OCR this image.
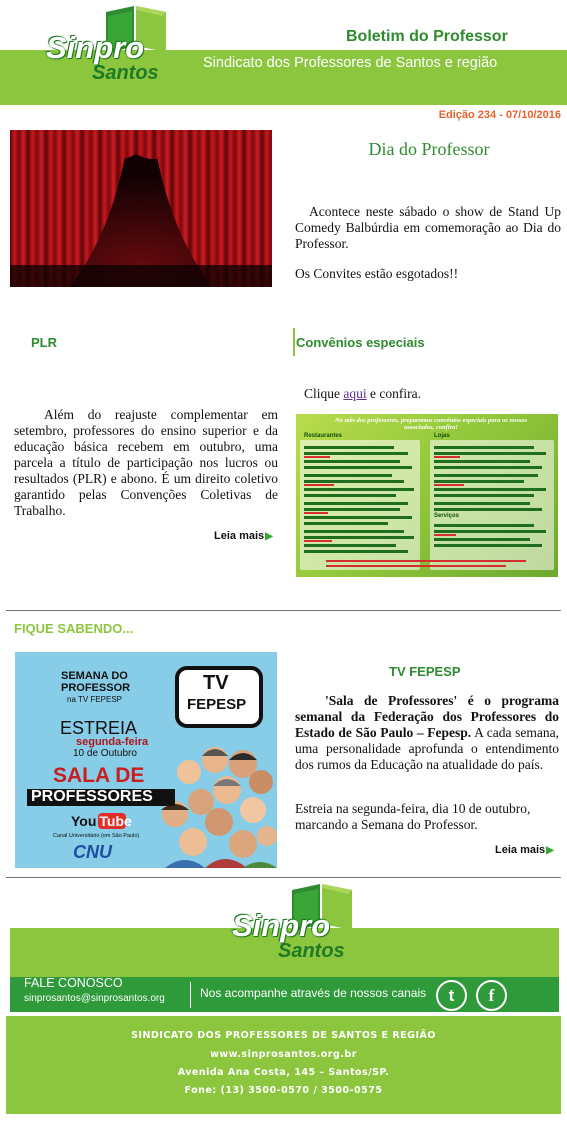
Sinpro
Santos
Boletim do Professor
Sindicato dos Professores de Santos e região
Edição 234 - 07/10/2016
Dia do Professor

Acontece neste sábado o show de Stand Up Comedy Balbúrdia em comemoração ao Dia do Professor.

Os Convites estão esgotados!!

PLR	Convênios especiais

Além do reajuste complementar em setembro, professores do ensino superior e da educação básica recebem em outubro, uma parcela a título de participação nos lucros ou resultados (PLR) e abono. É um direito coletivo garantido pelas Convenções Coletivas de Trabalho.

Leia mais▶

Clique aqui e confira.

No mês dos professores, preparamos convênios especiais para os nossos associados, confira!
Restaurantes	Lojas
Serviços
FIQUE SABENDO...
SEMANA DO
PROFESSOR
na TV FEPESP
TV
FEPESP
ESTREIA
segunda-feira
10 de Outubro
SALA DE
PROFESSORES
You Tube
Canal Universitário (em São Paulo)
CNU
TV FEPESP

'Sala de Professores' é o programa semanal da Federação dos Professores do Estado de São Paulo – Fepesp. A cada semana, uma personalidade aprofunda o entendimento dos rumos da Educação na atualidade do país.

Estreia na segunda-feira, dia 10 de outubro, marcando a Semana do Professor.

Leia mais▶
Sinpro
Santos
FALE CONOSCO
sinprosantos@sinprosantos.org	Nos acompanhe através de nossos canais	t	f
SINDICATO DOS PROFESSORES DE SANTOS E REGIÃO
www.sinprosantos.org.br
Avenida Ana Costa, 145 – Santos/SP.
Fone: (13) 3500-0570 / 3500-0575
